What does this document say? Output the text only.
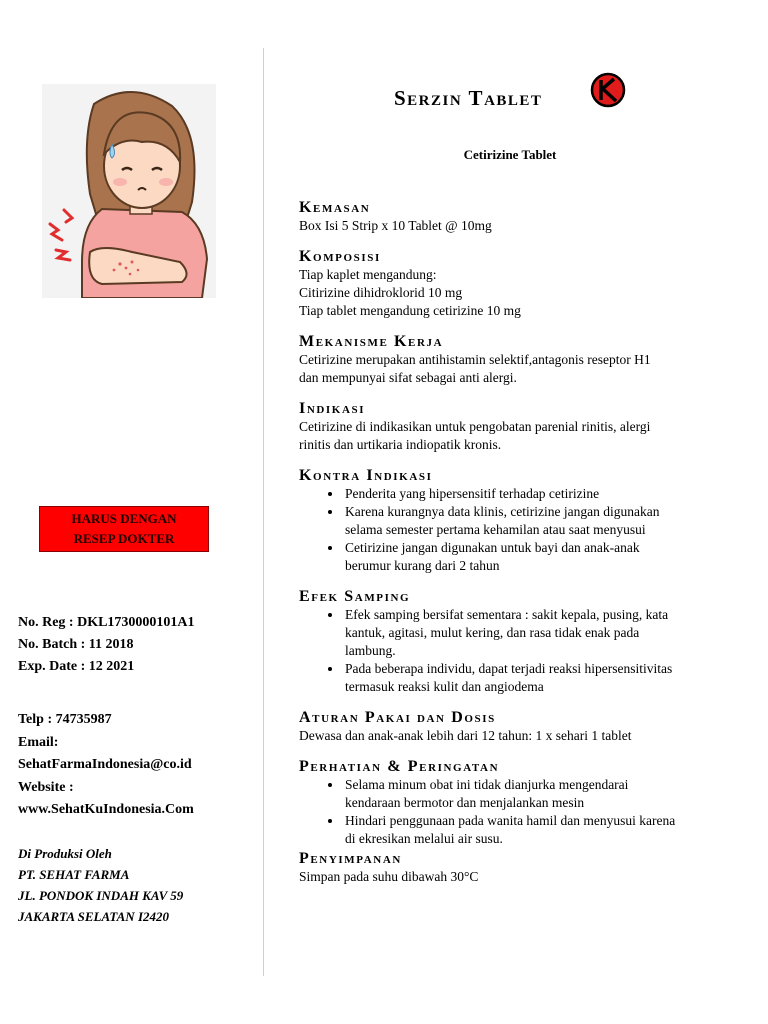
HARUS DENGAN
RESEP DOKTER
No. Reg : DKL1730000101A1
No. Batch : 11 2018
Exp. Date : 12 2021
Telp : 74735987
Email:
SehatFarmaIndonesia@co.id
Website :
www.SehatKuIndonesia.Com
Di Produksi Oleh
PT. SEHAT FARMA
JL. PONDOK INDAH KAV 59
JAKARTA SELATAN I2420
Serzin Tablet
Cetirizine Tablet
Kemasan
Box Isi 5 Strip x 10 Tablet @ 10mg
Komposisi
Tiap kaplet mengandung:
Citirizine dihidroklorid 10 mg
Tiap tablet mengandung cetirizine 10 mg
Mekanisme Kerja
Cetirizine merupakan antihistamin selektif,antagonis reseptor H1
dan mempunyai sifat sebagai anti alergi.
Indikasi
Cetirizine di indikasikan untuk pengobatan parenial rinitis, alergi
rinitis dan urtikaria indiopatik kronis.
Kontra Indikasi
• Penderita yang hipersensitif terhadap cetirizine
• Karena kurangnya data klinis, cetirizine jangan digunakan
selama semester pertama kehamilan atau saat menyusui
• Cetirizine jangan digunakan untuk bayi dan anak-anak
berumur kurang dari 2 tahun
Efek Samping
• Efek samping bersifat sementara : sakit kepala, pusing, kata
kantuk, agitasi, mulut kering, dan rasa tidak enak pada
lambung.
• Pada beberapa individu, dapat terjadi reaksi hipersensitivitas
termasuk reaksi kulit dan angiodema
Aturan Pakai dan Dosis
Dewasa dan anak-anak lebih dari 12 tahun: 1 x sehari 1 tablet
Perhatian & Peringatan
• Selama minum obat ini tidak dianjurka mengendarai
kendaraan bermotor dan menjalankan mesin
• Hindari penggunaan pada wanita hamil dan menyusui karena
di ekresikan melalui air susu.
Penyimpanan
Simpan pada suhu dibawah 30°C
